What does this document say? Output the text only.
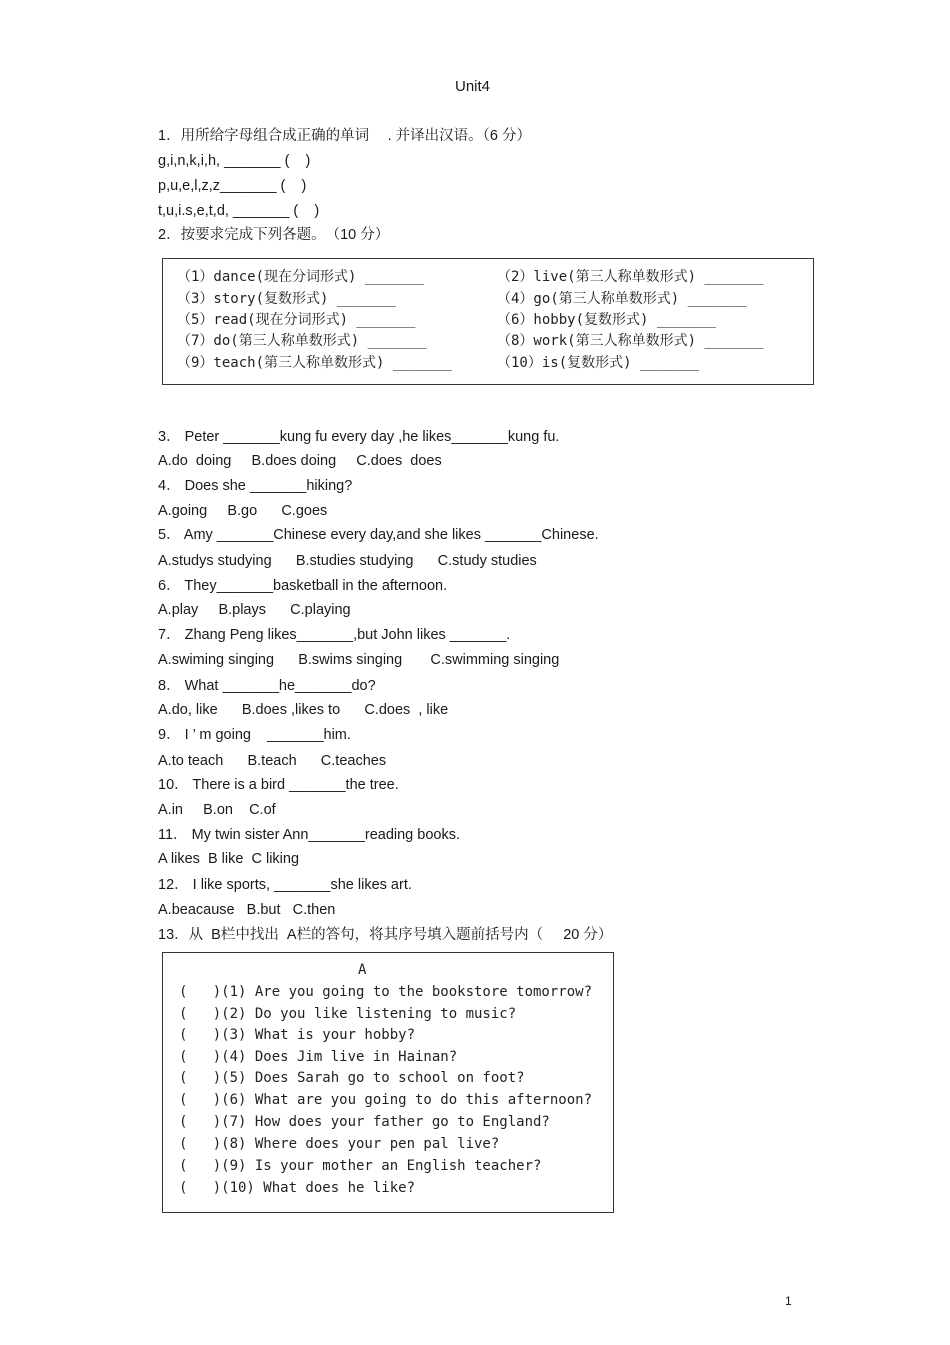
Unit4
1．用所给字母组合成正确的单词 　. 并译出汉语。（6 分）
g,i,n,k,i,h, _______ (    )
p,u,e,l,z,z_______ (    )
t,u,i.s,e,t,d, _______ (    )
2．按要求完成下列各题。　（10 分）
（1）dance(现在分词形式) _______
（3）story(复数形式) _______
（5）read(现在分词形式) _______
（7）do(第三人称单数形式) _______
（9）teach(第三人称单数形式) _______
（2）live(第三人称单数形式) _______
（4）go(第三人称单数形式) _______
（6）hobby(复数形式) _______
（8）work(第三人称单数形式) _______
（10）is(复数形式) _______
3． Peter _______kung fu every day ,he likes_______kung fu.
A.do  doing     B.does doing     C.does  does
4． Does she _______hiking?
A.going     B.go      C.goes
5． Amy _______Chinese every day,and she likes _______Chinese.
A.studys studying      B.studies studying      C.study studies
6． They_______basketball in the afternoon.
A.play     B.plays      C.playing
7． Zhang Peng likes_______,but John likes _______.
A.swiming singing      B.swims singing       C.swimming singing
8． What _______he_______do?
A.do, like      B.does ,likes to      C.does  , like
9． I ’ m going    _______him.
A.to teach      B.teach      C.teaches
10． There is a bird _______the tree.
A.in     B.on    C.of
11． My twin sister Ann_______reading books.
A likes  B like  C liking
12． I like sports, _______she likes art.
A.beacause   B.but   C.then
13．从  B栏中找出  A栏的答句，将其序号填入题前括号内（     20 分）
A
(   )(1) Are you going to the bookstore tomorrow?
(   )(2) Do you like listening to music?
(   )(3) What is your hobby?
(   )(4) Does Jim live in Hainan?
(   )(5) Does Sarah go to school on foot?
(   )(6) What are you going to do this afternoon?
(   )(7) How does your father go to England?
(   )(8) Where does your pen pal live?
(   )(9) Is your mother an English teacher?
(   )(10) What does he like?
1
